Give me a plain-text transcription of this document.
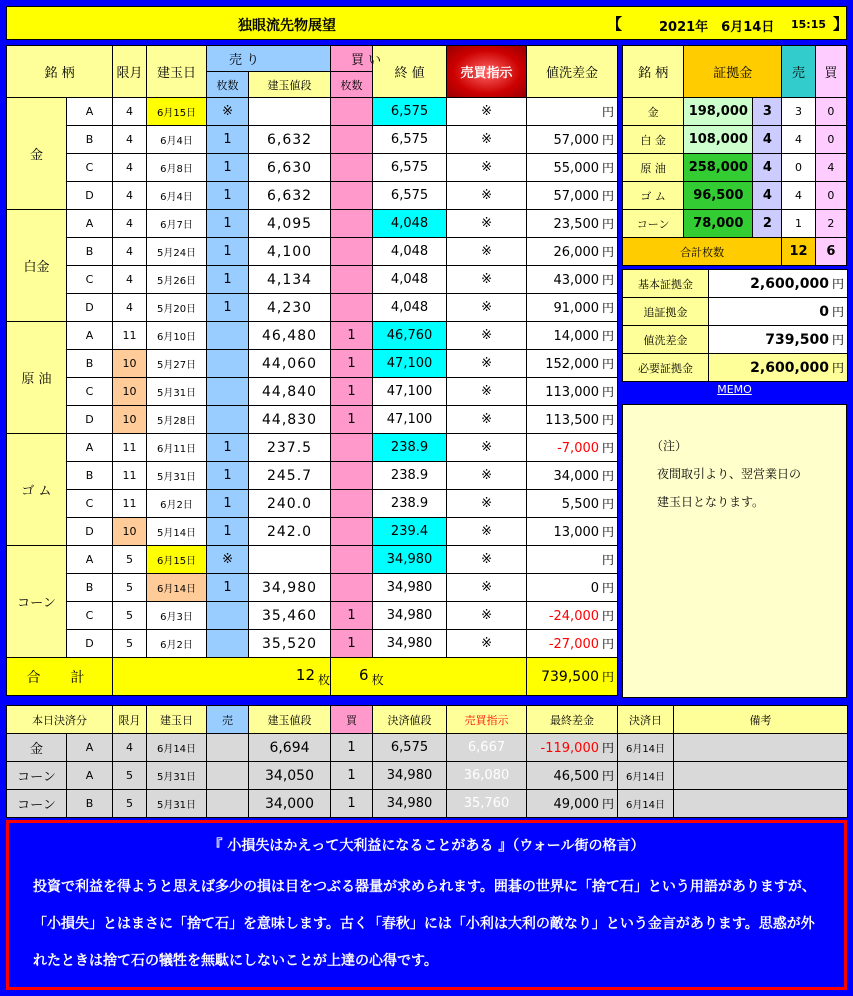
独眼流先物展望	【	2021年　6月14日 15:15 】
銘 柄		限月	建玉日	売 り		買 い	終 値	売買指示	値洗差金
				枚数	建玉値段	枚数			
金	A	4	6月15日	※			6,575	※	円
	B	4	6月4日	1	6,632		6,575	※	57,000 円
	C	4	6月8日	1	6,630		6,575	※	55,000 円
	D	4	6月4日	1	6,632		6,575	※	57,000 円
白金	A	4	6月7日	1	4,095		4,048	※	23,500 円
	B	4	5月24日	1	4,100		4,048	※	26,000 円
	C	4	5月26日	1	4,134		4,048	※	43,000 円
	D	4	5月20日	1	4,230		4,048	※	91,000 円
原 油	A	11	6月10日		46,480	1	46,760	※	14,000 円
	B	10	5月27日		44,060	1	47,100	※	152,000 円
	C	10	5月31日		44,840	1	47,100	※	113,000 円
	D	10	5月28日		44,830	1	47,100	※	113,500 円
ゴ ム	A	11	6月11日	1	237.5		238.9	※	-7,000 円
	B	11	5月31日	1	245.7		238.9	※	34,000 円
	C	11	6月2日	1	240.0		238.9	※	5,500 円
	D	10	5月14日	1	242.0		239.4	※	13,000 円
コーン	A	5	6月15日	※			34,980	※	円
	B	5	6月14日	1	34,980		34,980	※	0 円
	C	5	6月3日		35,460	1	34,980	※	-24,000 円
	D	5	6月2日		35,520	1	34,980	※	-27,000 円
合　計		12 $_枚$				6 $_枚$			739,500 円
銘 柄	証拠金		売	買
金	198,000	3	3	0
白 金	108,000	4	4	0
原 油	258,000	4	0	4
ゴ ム	96,500	4	4	0
コーン	78,000	2	1	2
合計枚数			12	6
基本証拠金	2,600,000 円
追証拠金	0 円
値洗差金	739,500 円
必要証拠金	2,600,000 円
MEMO
（注）
夜間取引より、翌営業日の
建玉日となります。
本日決済分		限月	建玉日	売	建玉値段	買	決済値段	売買指示	最終差金	決済日	備考
金	A	4	6月14日		6,694	1	6,575	6,667	-119,000 円	6月14日	
コーン	A	5	5月31日		34,050	1	34,980	36,080	46,500 円	6月14日	
コーン	B	5	5月31日		34,000	1	34,980	35,760	49,000 円	6月14日	
『 小損失はかえって大利益になることがある 』（ウォール街の格言）
投資で利益を得ようと思えば多少の損は目をつぶる器量が求められます。囲碁の世界に「捨て石」という用語がありますが、「小損失」とはまさに「捨て石」を意味します。古く「春秋」には「小利は大利の敵なり」という金言があります。思惑が外れたときは捨て石の犠牲を無駄にしないことが上達の心得です。
